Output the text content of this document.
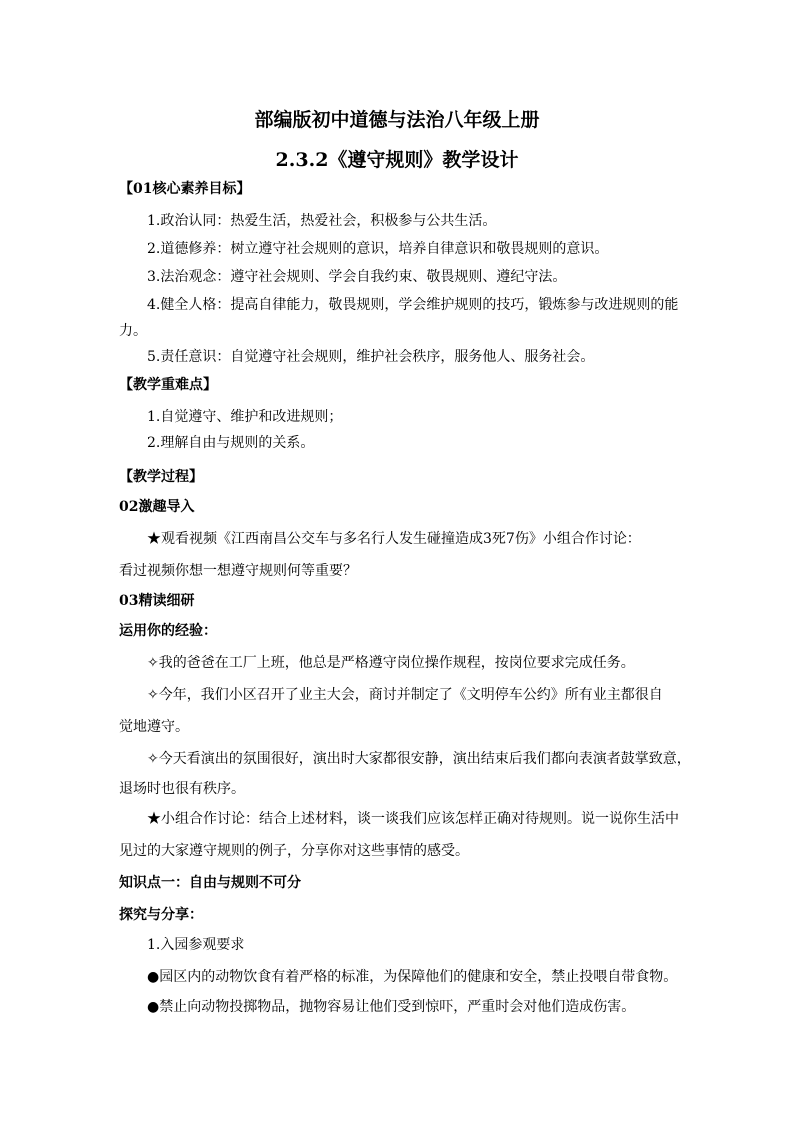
部编版初中道德与法治八年级上册
2.3.2《遵守规则》教学设计
【01核心素养目标】
1.政治认同：热爱生活，热爱社会，积极参与公共生活。
2.道德修养：树立遵守社会规则的意识，培养自律意识和敬畏规则的意识。
3.法治观念：遵守社会规则、学会自我约束、敬畏规则、遵纪守法。
4.健全人格：提高自律能力，敬畏规则，学会维护规则的技巧，锻炼参与改进规则的能
力。
5.责任意识：自觉遵守社会规则，维护社会秩序，服务他人、服务社会。
【教学重难点】
1.自觉遵守、维护和改进规则；
2.理解自由与规则的关系。
【教学过程】
02激趣导入
★观看视频《江西南昌公交车与多名行人发生碰撞造成3死7伤》小组合作讨论：
看过视频你想一想遵守规则何等重要？
03精读细研
运用你的经验：
✧我的爸爸在工厂上班，他总是严格遵守岗位操作规程，按岗位要求完成任务。
✧今年，我们小区召开了业主大会，商讨并制定了《文明停车公约》所有业主都很自
觉地遵守。
✧今天看演出的氛围很好，演出时大家都很安静，演出结束后我们都向表演者鼓掌致意，
退场时也很有秩序。
★小组合作讨论：结合上述材料，谈一谈我们应该怎样正确对待规则。说一说你生活中
见过的大家遵守规则的例子，分享你对这些事情的感受。
知识点一：自由与规则不可分
探究与分享：
1.入园参观要求
●园区内的动物饮食有着严格的标准，为保障他们的健康和安全，禁止投喂自带食物。
●禁止向动物投掷物品，抛物容易让他们受到惊吓，严重时会对他们造成伤害。
